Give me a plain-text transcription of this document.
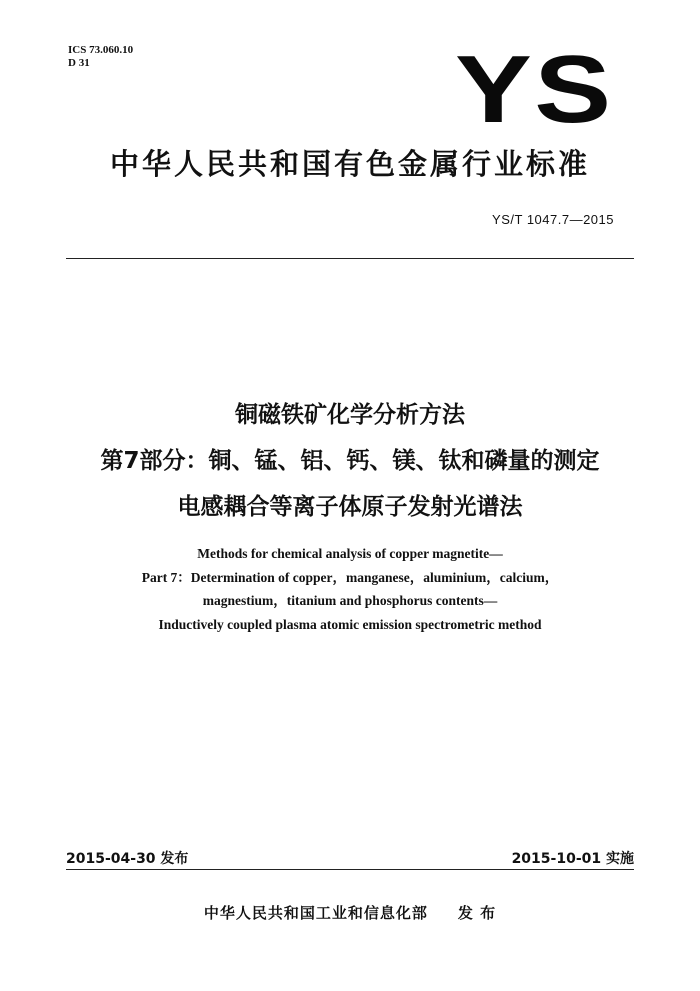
ICS 73.060.10
D 31	YS
中华人民共和国有色金属行业标准
YS/T 1047.7—2015
铜磁铁矿化学分析方法
第7部分：铜、锰、铝、钙、镁、钛和磷量的测定
电感耦合等离子体原子发射光谱法
Methods for chemical analysis of copper magnetite—
Part 7：Determination of copper，manganese，aluminium，calcium，
magnestium，titanium and phosphorus contents—
Inductively coupled plasma atomic emission spectrometric method
2015-04-30 发布	2015-10-01 实施
中华人民共和国工业和信息化部 发 布
